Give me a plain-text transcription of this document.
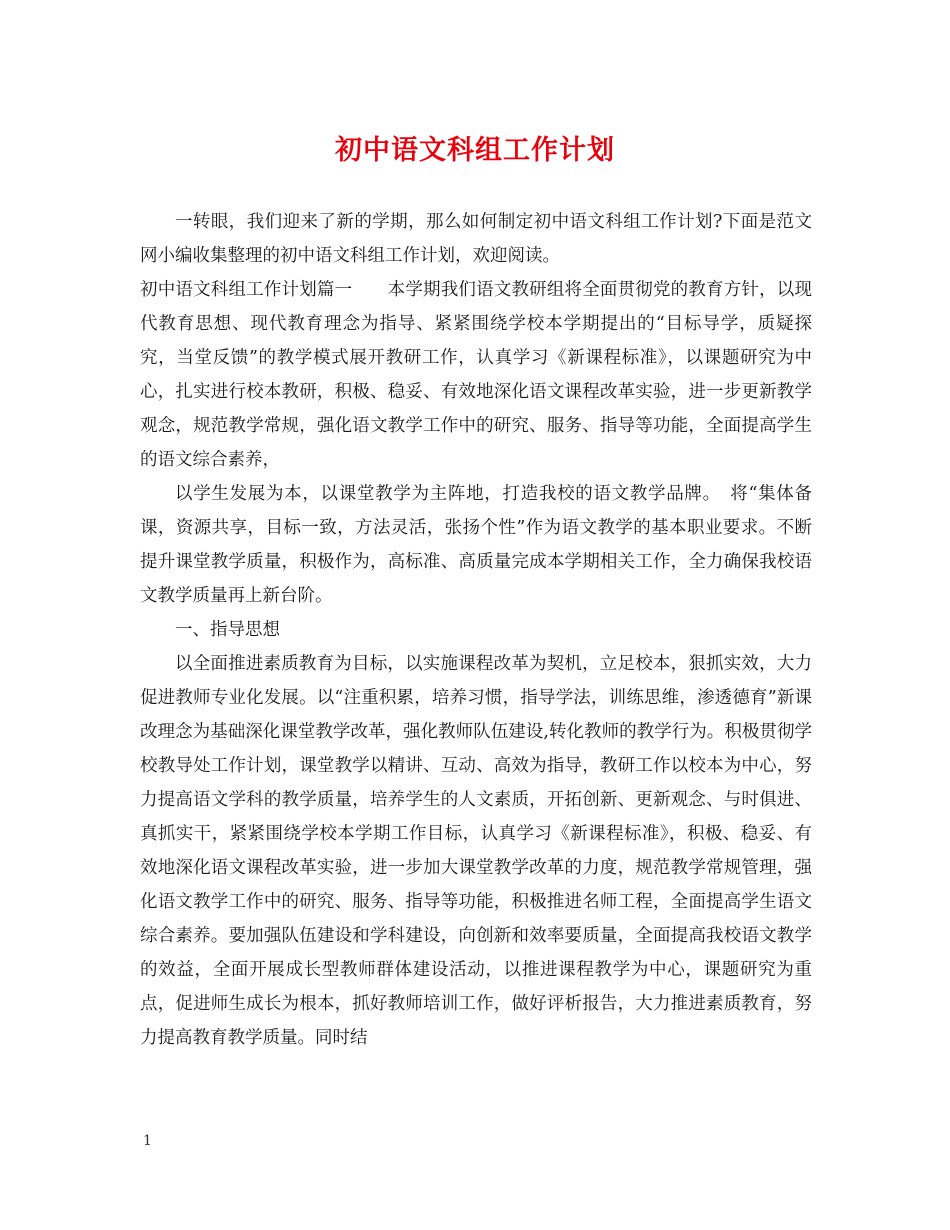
初中语文科组工作计划

一转眼，我们迎来了新的学期，那么如何制定初中语文科组工作计划?下面是范文网小编收集整理的初中语文科组工作计划，欢迎阅读。

初中语文科组工作计划篇一　　本学期我们语文教研组将全面贯彻党的教育方针，以现代教育思想、现代教育理念为指导、紧紧围绕学校本学期提出的“目标导学，质疑探究，当堂反馈”的教学模式展开教研工作，认真学习《新课程标准》，以课题研究为中心，扎实进行校本教研，积极、稳妥、有效地深化语文课程改革实验，进一步更新教学观念，规范教学常规，强化语文教学工作中的研究、服务、指导等功能，全面提高学生的语文综合素养，

以学生发展为本，以课堂教学为主阵地，打造我校的语文教学品牌。　将“集体备课，资源共享，目标一致，方法灵活，张扬个性”作为语文教学的基本职业要求。不断提升课堂教学质量，积极作为，高标准、高质量完成本学期相关工作，全力确保我校语文教学质量再上新台阶。

一、指导思想

以全面推进素质教育为目标，以实施课程改革为契机，立足校本，狠抓实效，大力促进教师专业化发展。以“注重积累，培养习惯，指导学法，训练思维，渗透德育”新课改理念为基础深化课堂教学改革，强化教师队伍建设,转化教师的教学行为。积极贯彻学校教导处工作计划，课堂教学以精讲、互动、高效为指导，教研工作以校本为中心，努力提高语文学科的教学质量，培养学生的人文素质，开拓创新、更新观念、与时俱进、真抓实干，紧紧围绕学校本学期工作目标，认真学习《新课程标准》，积极、稳妥、有效地深化语文课程改革实验，进一步加大课堂教学改革的力度，规范教学常规管理，强化语文教学工作中的研究、服务、指导等功能，积极推进名师工程，全面提高学生语文综合素养。要加强队伍建设和学科建设，向创新和效率要质量，全面提高我校语文教学的效益，全面开展成长型教师群体建设活动，以推进课程教学为中心，课题研究为重点，促进师生成长为根本，抓好教师培训工作，做好评析报告，大力推进素质教育，努力提高教育教学质量。同时结

1
